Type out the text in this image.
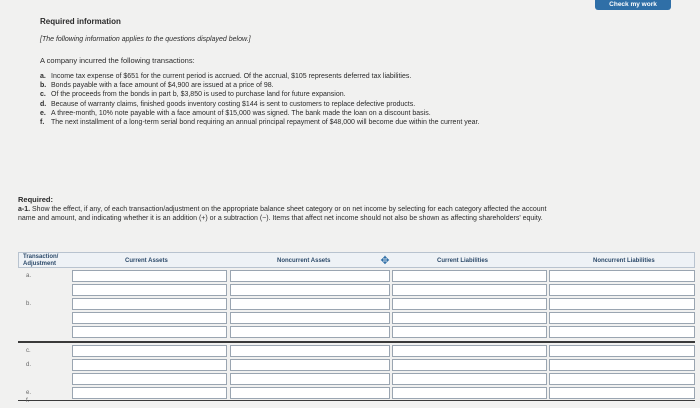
Check my work
Required information
[The following information applies to the questions displayed below.]
A company incurred the following transactions:
a. Income tax expense of $651 for the current period is accrued. Of the accrual, $105 represents deferred tax liabilities.
b. Bonds payable with a face amount of $4,900 are issued at a price of 98.
c. Of the proceeds from the bonds in part b, $3,850 is used to purchase land for future expansion.
d. Because of warranty claims, finished goods inventory costing $144 is sent to customers to replace defective products.
e. A three-month, 10% note payable with a face amount of $15,000 was signed. The bank made the loan on a discount basis.
f. The next installment of a long-term serial bond requiring an annual principal repayment of $48,000 will become due within the current year.
Required:
a-1. Show the effect, if any, of each transaction/adjustment on the appropriate balance sheet category or on net income by selecting for each category affected the account name and amount, and indicating whether it is an addition (+) or a subtraction (−). Items that affect net income should not also be shown as affecting shareholders' equity.
Transaction/ Adjustment	Current Assets	Noncurrent Assets	✥	Current Liabilities	Noncurrent Liabilities
a.
b.
c.
d.
e.
f.
